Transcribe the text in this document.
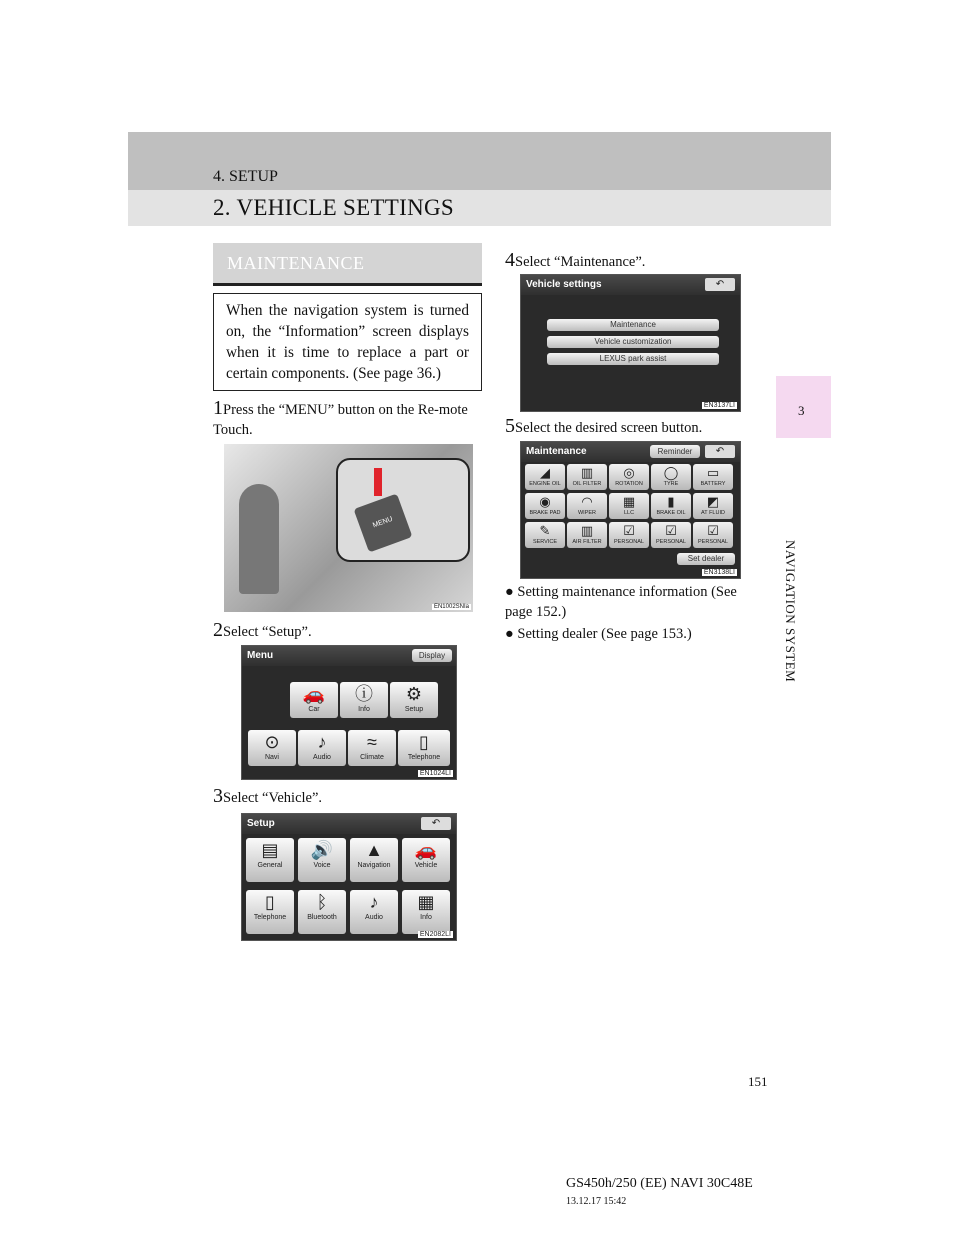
4. SETUP
2. VEHICLE SETTINGS
3
NAVIGATION SYSTEM
MAINTENANCE

When the navigation system is turned on, the “Information” screen displays when it is time to replace a part or certain components. (See page 36.)

1Press the “MENU” button on the Re-mote Touch.
MENU
EN1002SNIa
2Select “Setup”.
Menu	Display
🚗
Car
ⓘ
Info
⚙
Setup
⊙
Navi
♪
Audio
≈
Climate
▯
Telephone
EN1024LI
3Select “Vehicle”.
Setup	↶
▤
General
🔊
Voice
▲
Navigation
🚗
Vehicle
▯
Telephone
ᛒ
Bluetooth
♪
Audio
▦
Info
EN2082LI
4Select “Maintenance”.
Vehicle settings	↶
Maintenance
Vehicle customization
LEXUS park assist
EN3137LI
5Select the desired screen button.
Maintenance	Reminder	↶
◢
ENGINE OIL
▥
OIL FILTER
◎
ROTATION
◯
TYRE
▭
BATTERY
◉
BRAKE PAD
◠
WIPER
▦
LLC
▮
BRAKE OIL
◩
AT FLUID
✎
SERVICE
▥
AIR FILTER
☑
PERSONAL
☑
PERSONAL
☑
PERSONAL
Set dealer
EN3138LI
● Setting maintenance information (See page 152.)
● Setting dealer (See page 153.)
151
GS450h/250 (EE) NAVI 30C48E
13.12.17 15:42
